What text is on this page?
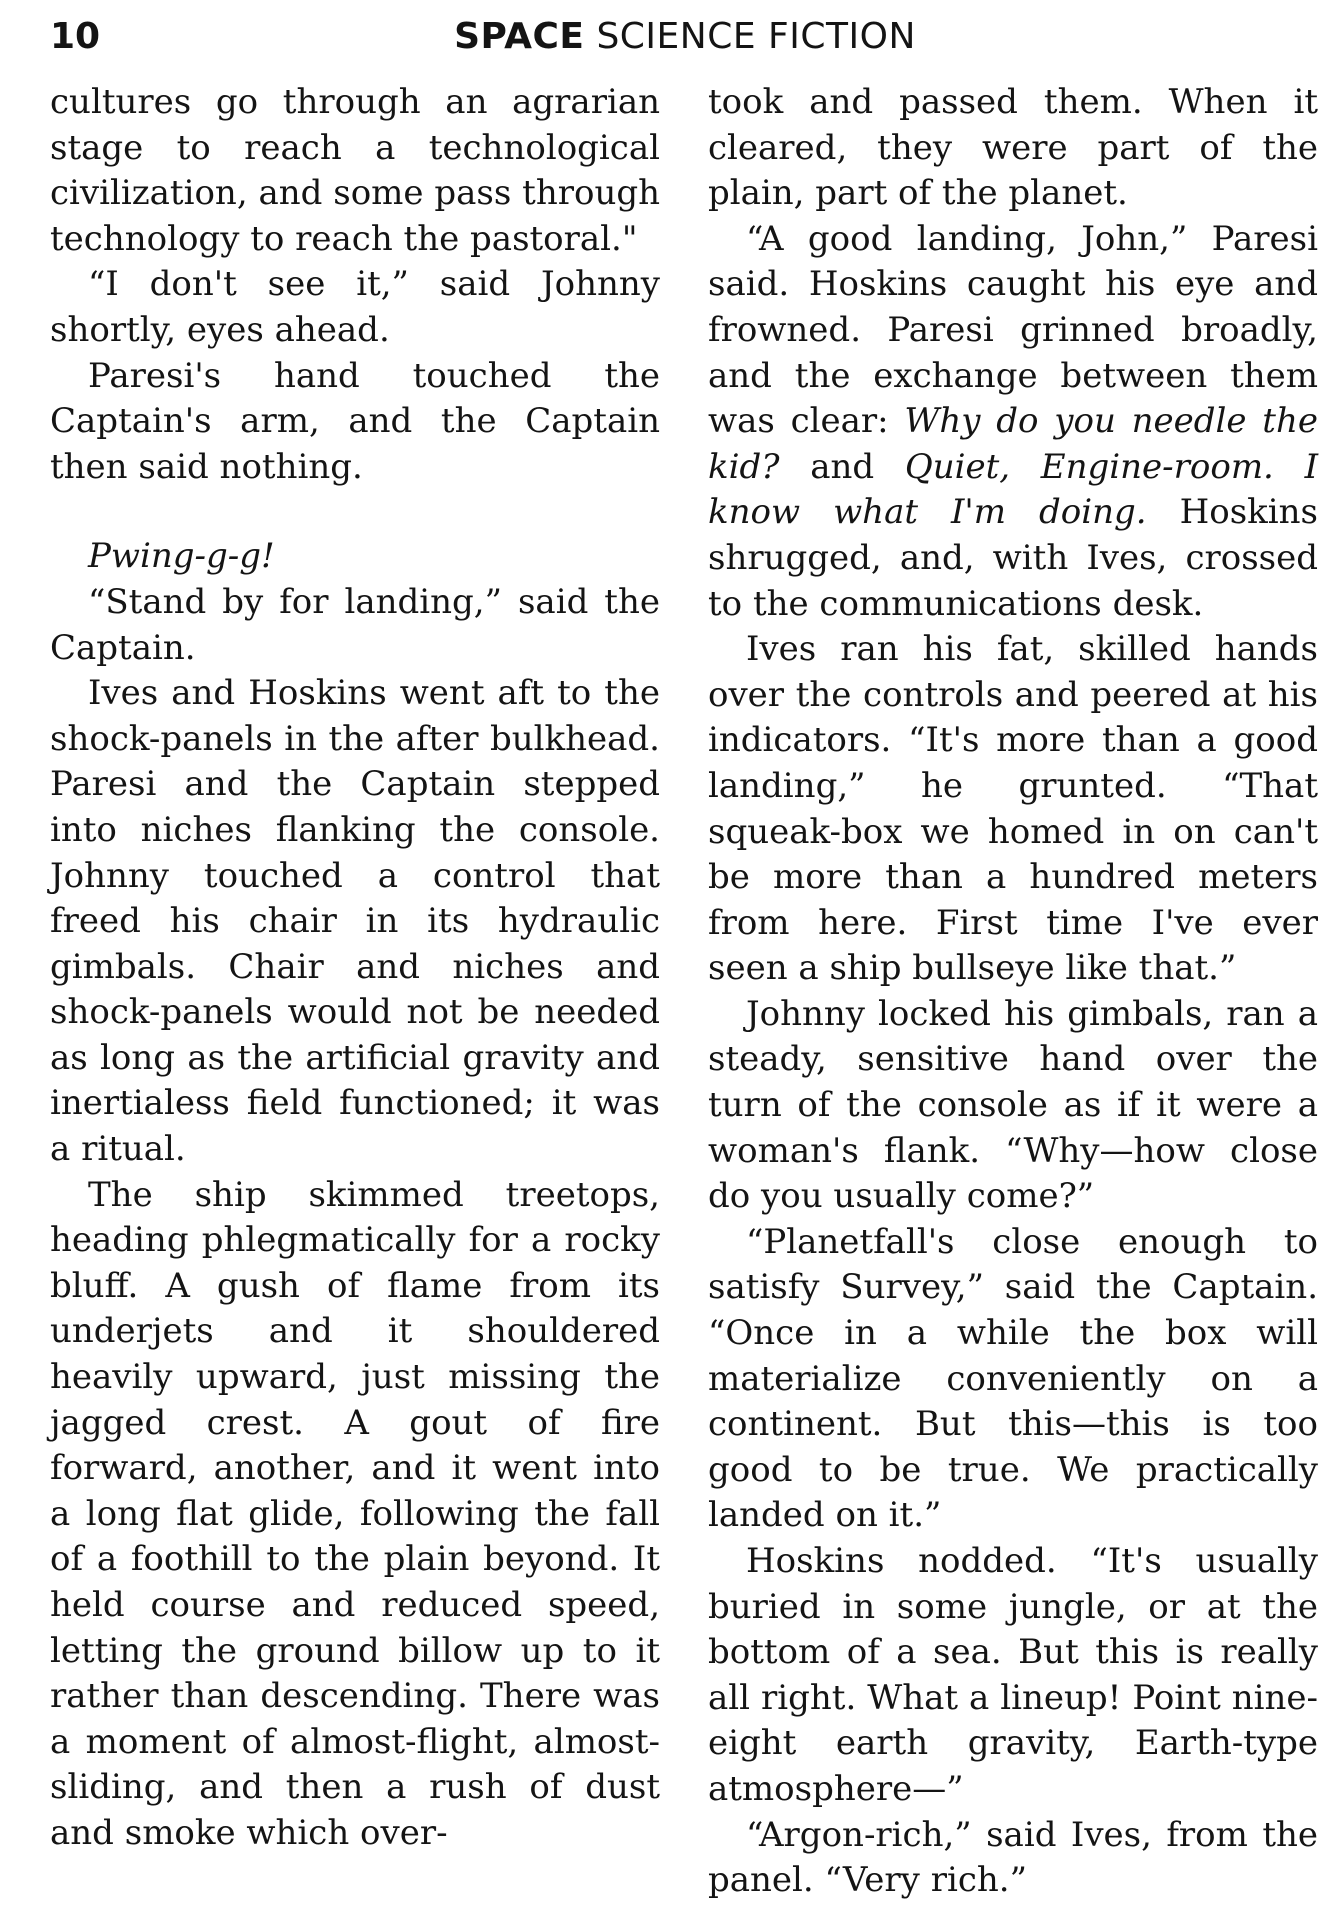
10	SPACE SCIENCE FICTION

cultures go through an agrarian stage to reach a technological civilization, and some pass through technology to reach the pastoral."

“I don't see it,” said Johnny shortly, eyes ahead.

Paresi's hand touched the Captain's arm, and the Captain then said nothing.

Pwing-g-g!

“Stand by for landing,” said the Captain.

Ives and Hoskins went aft to the shock-panels in the after bulkhead. Paresi and the Captain stepped into niches flanking the console. Johnny touched a control that freed his chair in its hydraulic gimbals. Chair and niches and shock-panels would not be needed as long as the artificial gravity and inertialess field functioned; it was a ritual.

The ship skimmed treetops, heading phlegmatically for a rocky bluff. A gush of flame from its underjets and it shouldered heavily upward, just missing the jagged crest. A gout of fire forward, another, and it went into a long flat glide, following the fall of a foothill to the plain beyond. It held course and reduced speed, letting the ground billow up to it rather than descending. There was a moment of almost-flight, almost-sliding, and then a rush of dust and smoke which over-

took and passed them. When it cleared, they were part of the plain, part of the planet.

“A good landing, John,” Paresi said. Hoskins caught his eye and frowned. Paresi grinned broadly, and the exchange between them was clear: Why do you needle the kid? and Quiet, Engine-room. I know what I'm doing. Hoskins shrugged, and, with Ives, crossed to the communications desk.

Ives ran his fat, skilled hands over the controls and peered at his indicators. “It's more than a good landing,” he grunted. “That squeak-box we homed in on can't be more than a hundred meters from here. First time I've ever seen a ship bullseye like that.”

Johnny locked his gimbals, ran a steady, sensitive hand over the turn of the console as if it were a woman's flank. “Why—how close do you usually come?”

“Planetfall's close enough to satisfy Survey,” said the Captain. “Once in a while the box will materialize conveniently on a continent. But this—this is too good to be true. We practically landed on it.”

Hoskins nodded. “It's usually buried in some jungle, or at the bottom of a sea. But this is really all right. What a lineup! Point nine-eight earth gravity, Earth-type atmosphere—”

“Argon-rich,” said Ives, from the panel. “Very rich.”
